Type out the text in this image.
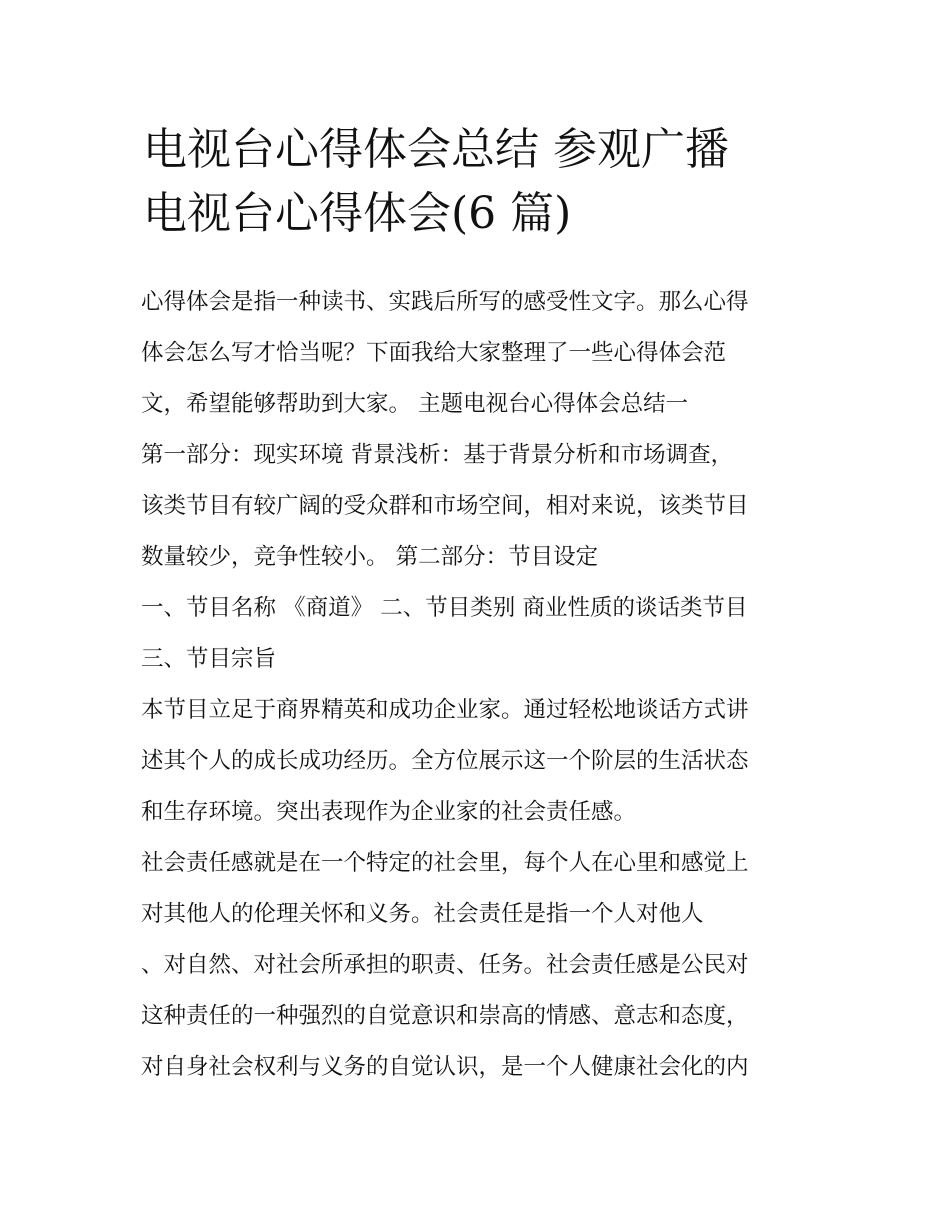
电视台心得体会总结 参观广播
电视台心得体会(6 篇)
心得体会是指一种读书、实践后所写的感受性文字。那么心得
体会怎么写才恰当呢？下面我给大家整理了一些心得体会范
文，希望能够帮助到大家。 主题电视台心得体会总结一
第一部分：现实环境 背景浅析：基于背景分析和市场调查，
该类节目有较广阔的受众群和市场空间，相对来说，该类节目
数量较少，竞争性较小。 第二部分：节目设定
一、节目名称 《商道》 二、节目类别 商业性质的谈话类节目
三、节目宗旨
本节目立足于商界精英和成功企业家。通过轻松地谈话方式讲
述其个人的成长成功经历。全方位展示这一个阶层的生活状态
和生存环境。突出表现作为企业家的社会责任感。
社会责任感就是在一个特定的社会里，每个人在心里和感觉上
对其他人的伦理关怀和义务。社会责任是指一个人对他人
、对自然、对社会所承担的职责、任务。社会责任感是公民对
这种责任的一种强烈的自觉意识和崇高的情感、意志和态度，
对自身社会权利与义务的自觉认识，是一个人健康社会化的内
